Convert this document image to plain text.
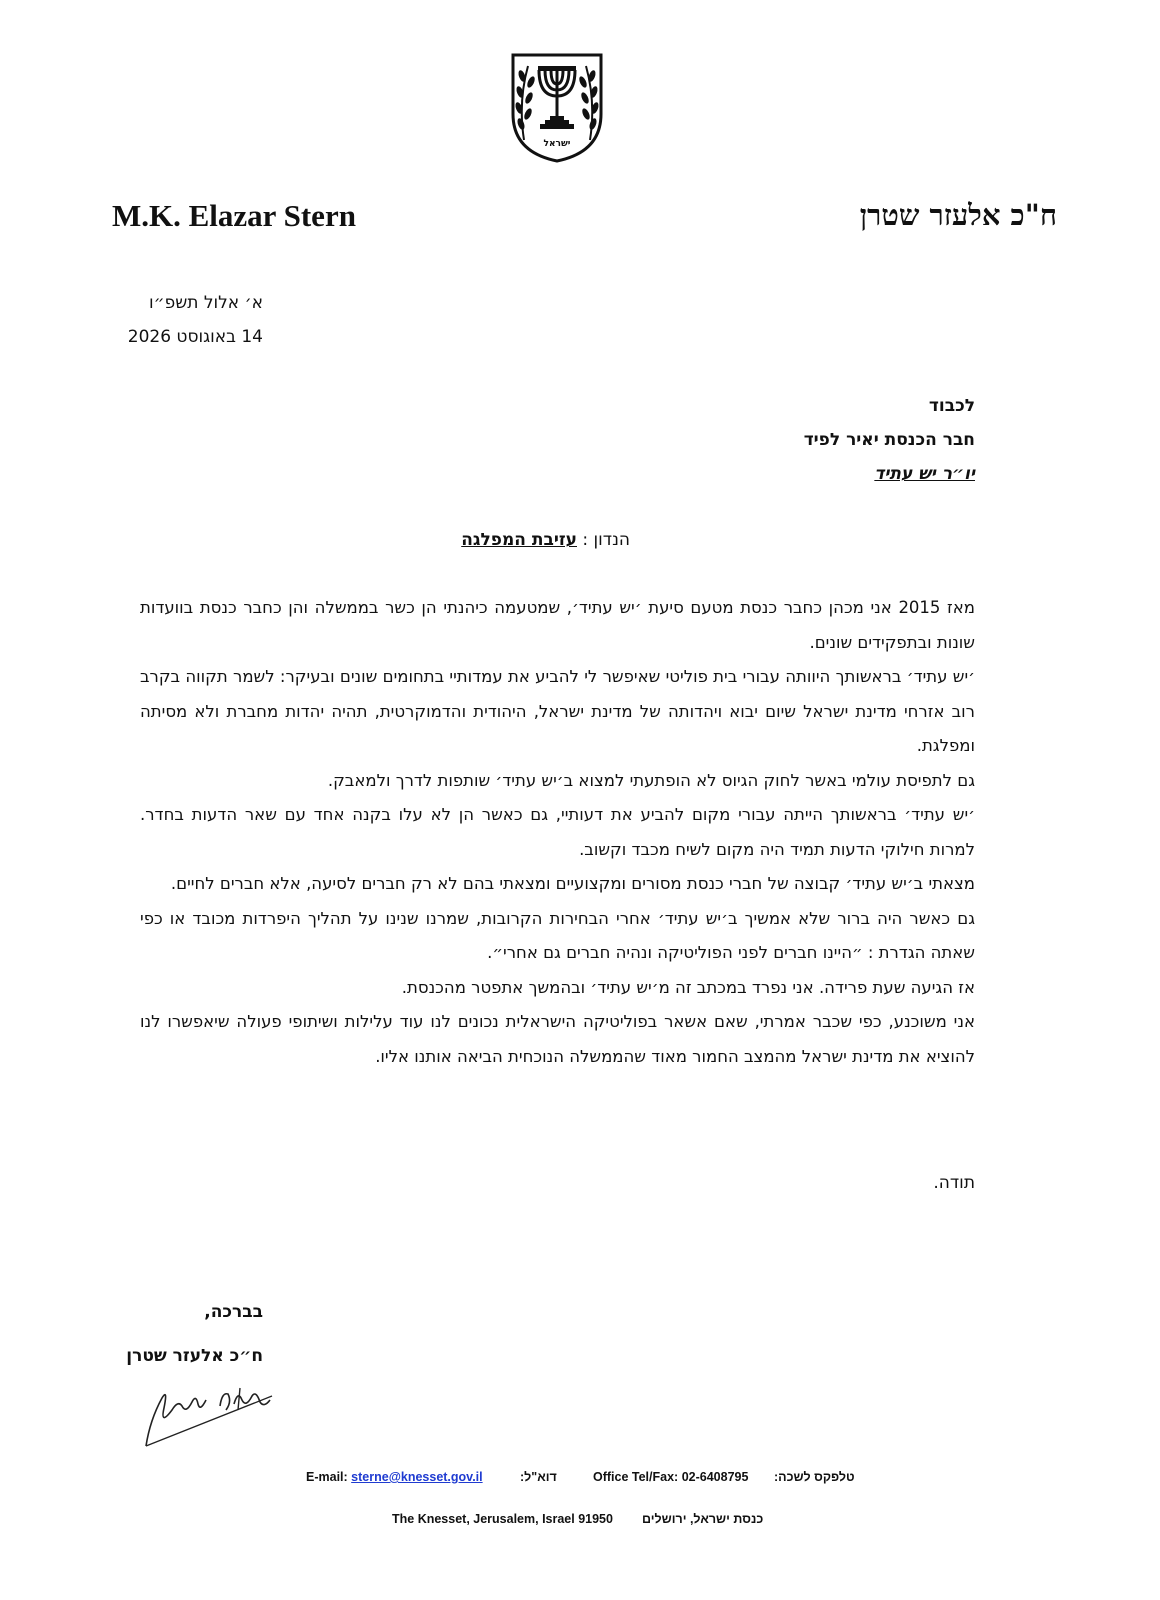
ישראל
M.K. Elazar Stern	ח"כ אלעזר שטרן
א׳ אלול תשפ״ו
14 באוגוסט 2026
לכבוד
חבר הכנסת יאיר לפיד
יו״ר יש עתיד
הנדון : עזיבת המפלגה

מאז 2015 אני מכהן כחבר כנסת מטעם סיעת ׳יש עתיד׳, שמטעמה כיהנתי הן כשר בממשלה והן כחבר כנסת בוועדות שונות ובתפקידים שונים.

׳יש עתיד׳ בראשותך היוותה עבורי בית פוליטי שאיפשר לי להביע את עמדותיי בתחומים שונים ובעיקר: לשמר תקווה בקרב רוב אזרחי מדינת ישראל שיום יבוא ויהדותה של מדינת ישראל, היהודית והדמוקרטית, תהיה יהדות מחברת ולא מסיתה ומפלגת.

גם לתפיסת עולמי באשר לחוק הגיוס לא הופתעתי למצוא ב׳יש עתיד׳ שותפות לדרך ולמאבק.

׳יש עתיד׳ בראשותך הייתה עבורי מקום להביע את דעותיי, גם כאשר הן לא עלו בקנה אחד עם שאר הדעות בחדר. למרות חילוקי הדעות תמיד היה מקום לשיח מכבד וקשוב.

מצאתי ב׳יש עתיד׳ קבוצה של חברי כנסת מסורים ומקצועיים ומצאתי בהם לא רק חברים לסיעה, אלא חברים לחיים.

גם כאשר היה ברור שלא אמשיך ב׳יש עתיד׳ אחרי הבחירות הקרובות, שמרנו שנינו על תהליך היפרדות מכובד או כפי שאתה הגדרת : ״היינו חברים לפני הפוליטיקה ונהיה חברים גם אחרי״.

אז הגיעה שעת פרידה. אני נפרד במכתב זה מ׳יש עתיד׳ ובהמשך אתפטר מהכנסת.

אני משוכנע, כפי שכבר אמרתי, שאם אשאר בפוליטיקה הישראלית נכונים לנו עוד עלילות ושיתופי פעולה שיאפשרו לנו להוציא את מדינת ישראל מהמצב החמור מאוד שהממשלה הנוכחית הביאה אותנו אליו.

תודה.
בברכה,
ח״כ אלעזר שטרן
E-mail: sterne@knesset.gov.il	דוא"ל:	Office Tel/Fax: 02-6408795 טלפקס לשכה:
The Knesset, Jerusalem, Israel 91950 כנסת ישראל, ירושלים
